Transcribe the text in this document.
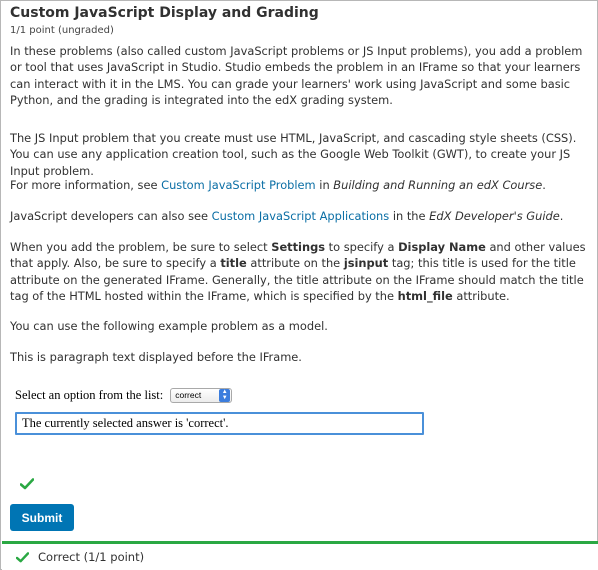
Custom JavaScript Display and Grading
1/1 point (ungraded)

In these problems (also called custom JavaScript problems or JS Input problems), you add a problem or tool that uses JavaScript in Studio. Studio embeds the problem in an IFrame so that your learners can interact with it in the LMS. You can grade your learners' work using JavaScript and some basic Python, and the grading is integrated into the edX grading system.

The JS Input problem that you create must use HTML, JavaScript, and cascading style sheets (CSS). You can use any application creation tool, such as the Google Web Toolkit (GWT), to create your JS Input problem.

For more information, see Custom JavaScript Problem in Building and Running an edX Course.

JavaScript developers can also see Custom JavaScript Applications in the EdX Developer's Guide.

When you add the problem, be sure to select Settings to specify a Display Name and other values that apply. Also, be sure to specify a title attribute on the jsinput tag; this title is used for the title attribute on the generated IFrame. Generally, the title attribute on the IFrame should match the title tag of the HTML hosted within the IFrame, which is specified by the html_file attribute.

You can use the following example problem as a model.

This is paragraph text displayed before the IFrame.

Select an option from the list: correct	▲
▼
The currently selected answer is 'correct'.
Submit
Correct (1/1 point)
